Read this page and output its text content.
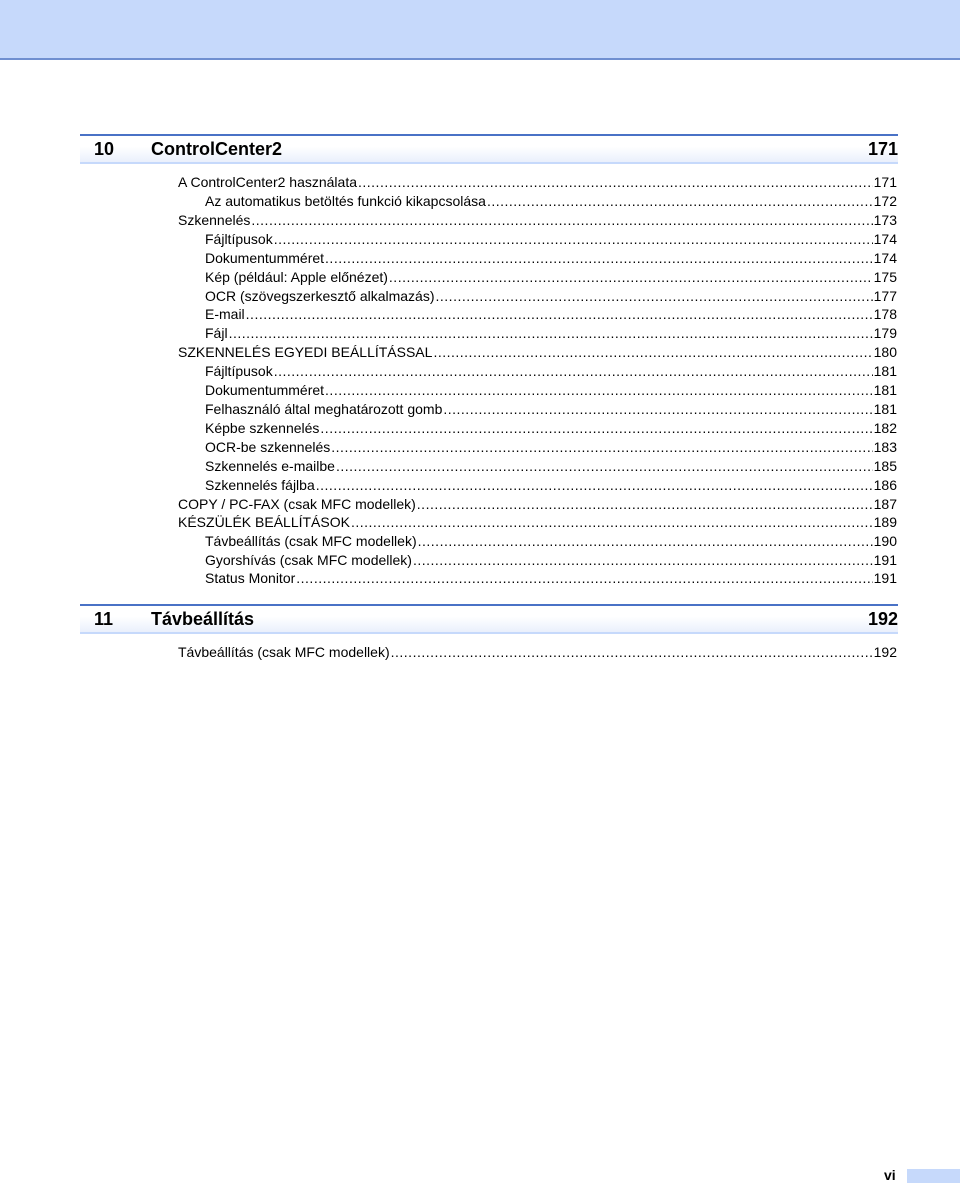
10 ControlCenter2	171
A ControlCenter2 használata .....	171
Az automatikus betöltés funkció kikapcsolása .....	172
Szkennelés .....	173
Fájltípusok .....	174
Dokumentumméret .....	174
Kép (például: Apple előnézet) .....	175
OCR (szövegszerkesztő alkalmazás) .....	177
E-mail .....	178
Fájl .....	179
SZKENNELÉS EGYEDI BEÁLLÍTÁSSAL .....	180
Fájltípusok .....	181
Dokumentumméret .....	181
Felhasználó által meghatározott gomb .....	181
Képbe szkennelés .....	182
OCR-be szkennelés .....	183
Szkennelés e-mailbe .....	185
Szkennelés fájlba .....	186
COPY / PC-FAX (csak MFC modellek) .....	187
KÉSZÜLÉK BEÁLLÍTÁSOK .....	189
Távbeállítás (csak MFC modellek) .....	190
Gyorshívás (csak MFC modellek) .....	191
Status Monitor .....	191
11 Távbeállítás	192
Távbeállítás (csak MFC modellek) .....	192
vi
